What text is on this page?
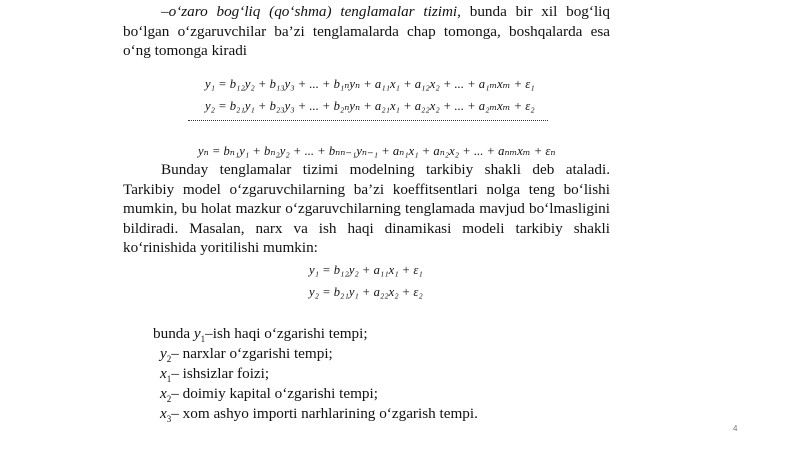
–o‘zaro bog‘liq (qo‘shma) tenglamalar tizimi, bunda bir xil bog‘liq bo‘lgan o‘zgaruvchilar ba’zi tenglamalarda chap tomonga, boshqalarda esa o‘ng tomonga kiradi
y₁ = b₁₂y₂ + b₁₃y₃ + ... + b₁ₙyₙ + a₁₁x₁ + a₁₂x₂ + ... + a₁ₘxₘ + ε₁
y₂ = b₂₁y₁ + b₂₃y₃ + ... + b₂ₙyₙ + a₂₁x₁ + a₂₂x₂ + ... + a₂ₘxₘ + ε₂
yₙ = bₙ₁y₁ + bₙ₂y₂ + ... + bₙₙ₋₁yₙ₋₁ + aₙ₁x₁ + aₙ₂x₂ + ... + aₙₘxₘ + εₙ
Bunday tenglamalar tizimi modelning tarkibiy shakli deb ataladi. Tarkibiy model o‘zgaruvchilarning ba’zi koeffitsentlari nolga teng bo‘lishi mumkin, bu holat mazkur o‘zgaruvchilarning tenglamada mavjud bo‘lmasligini bildiradi. Masalan, narx va ish haqi dinamikasi modeli tarkibiy shakli ko‘rinishida yoritilishi mumkin:
y₁ = b₁₂y₂ + a₁₁x₁ + ε₁
y₂ = b₂₁y₁ + a₂₂x₂ + ε₂
bunda $y_1$–ish haqi o‘zgarishi tempi;
$y_2-$ narxlar o‘zgarishi tempi;
$x_1-$ ishsizlar foizi;
$x_2-$ doimiy kapital o‘zgarishi tempi;
$x_3-$ xom ashyo importi narhlarining o‘zgarish tempi.
4
